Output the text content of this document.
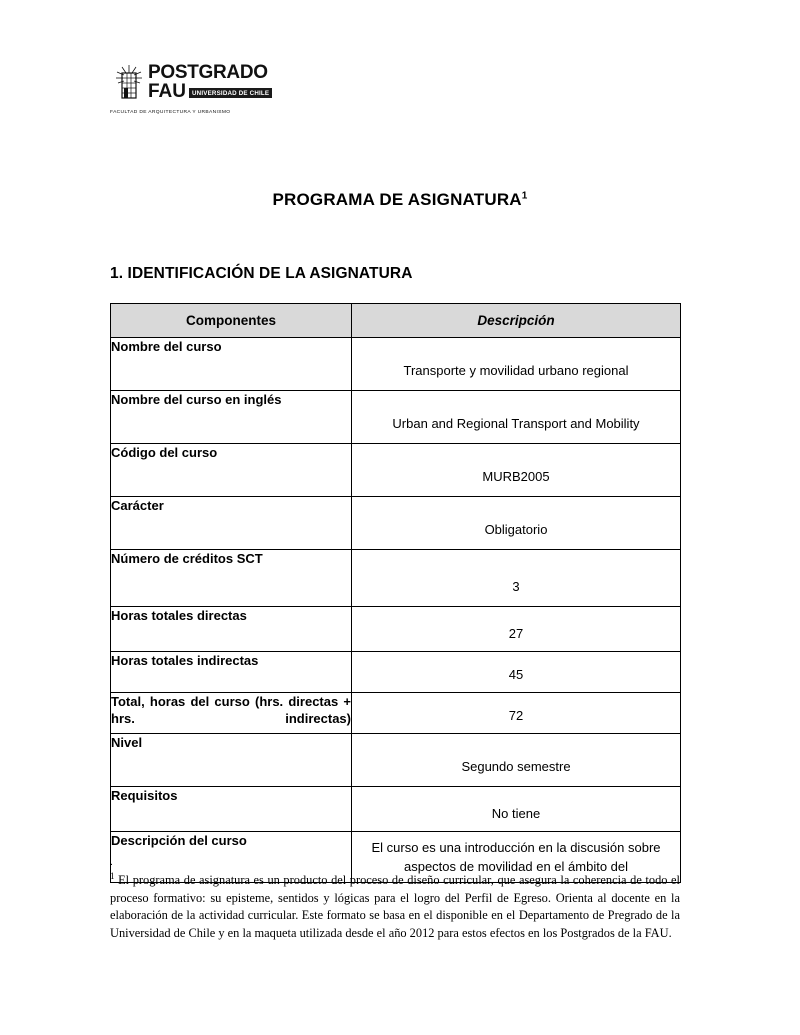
POSTGRADO
FAU UNIVERSIDAD DE CHILE
FACULTAD DE ARQUITECTURA Y URBANISMO
PROGRAMA DE ASIGNATURA$^1$
1. IDENTIFICACIÓN DE LA ASIGNATURA
Componentes	Descripción
Nombre del curso	Transporte y movilidad urbano regional
Nombre del curso en inglés	Urban and Regional Transport and Mobility
Código del curso	MURB2005
Carácter	Obligatorio
Número de créditos SCT	3
Horas totales directas	27
Horas totales indirectas	45
Total, horas del curso (hrs. directas + hrs. indirectas)	72
Nivel	Segundo semestre
Requisitos	No tiene
Descripción del curso	El curso es una introducción en la discusión sobre aspectos de movilidad en el ámbito del
.
$^1$ El programa de asignatura es un producto del proceso de diseño curricular, que asegura la coherencia de todo el proceso formativo: su episteme, sentidos y lógicas para el logro del Perfil de Egreso. Orienta al docente en la elaboración de la actividad curricular. Este formato se basa en el disponible en el Departamento de Pregrado de la Universidad de Chile y en la maqueta utilizada desde el año 2012 para estos efectos en los Postgrados de la FAU.
